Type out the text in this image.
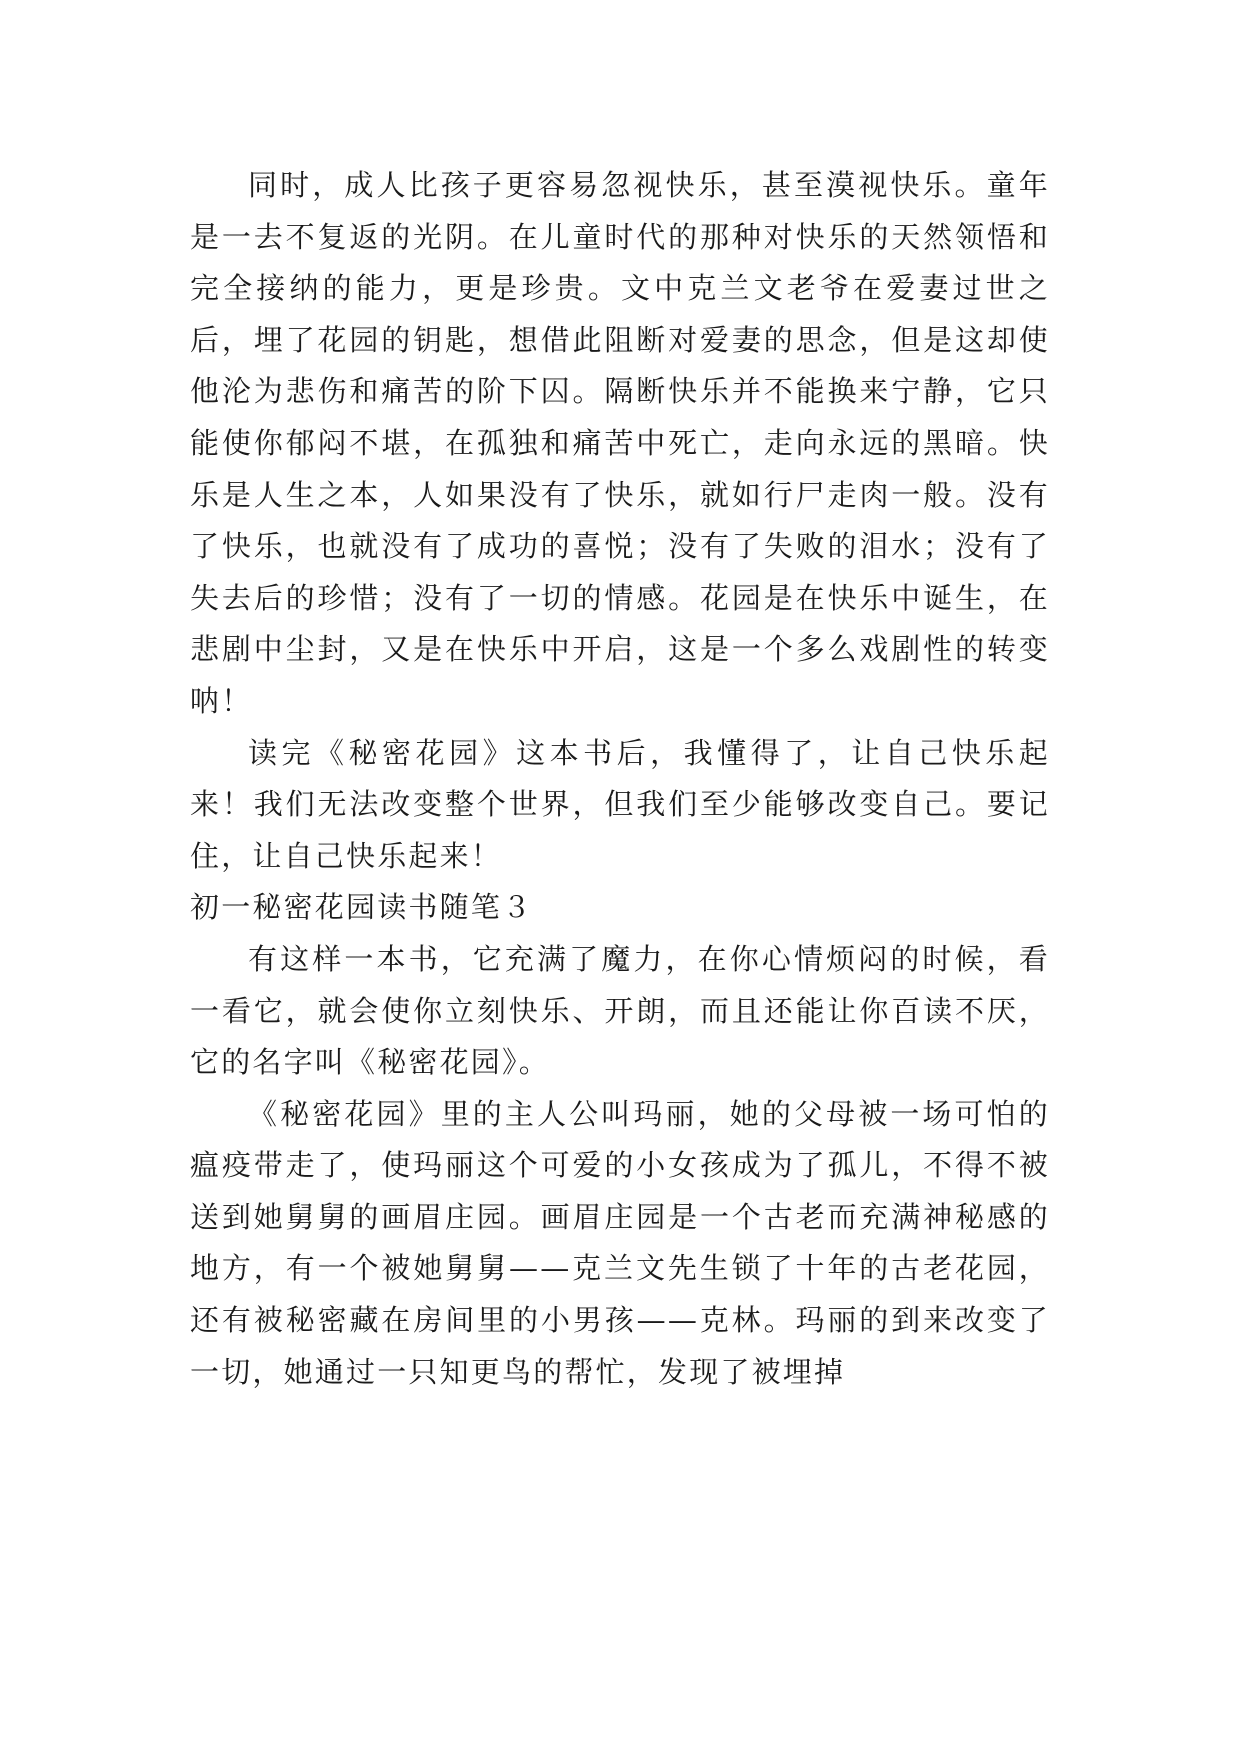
同时，成人比孩子更容易忽视快乐，甚至漠视快乐。童年是一去不复返的光阴。在儿童时代的那种对快乐的天然领悟和完全接纳的能力，更是珍贵。文中克兰文老爷在爱妻过世之后，埋了花园的钥匙，想借此阻断对爱妻的思念，但是这却使他沦为悲伤和痛苦的阶下囚。隔断快乐并不能换来宁静，它只能使你郁闷不堪，在孤独和痛苦中死亡，走向永远的黑暗。快乐是人生之本，人如果没有了快乐，就如行尸走肉一般。没有了快乐，也就没有了成功的喜悦；没有了失败的泪水；没有了失去后的珍惜；没有了一切的情感。花园是在快乐中诞生，在悲剧中尘封，又是在快乐中开启，这是一个多么戏剧性的转变呐！

读完《秘密花园》这本书后，我懂得了，让自己快乐起来！我们无法改变整个世界，但我们至少能够改变自己。要记住，让自己快乐起来！

初一秘密花园读书随笔３

有这样一本书，它充满了魔力，在你心情烦闷的时候，看一看它，就会使你立刻快乐、开朗，而且还能让你百读不厌，它的名字叫《秘密花园》。

《秘密花园》里的主人公叫玛丽，她的父母被一场可怕的瘟疫带走了，使玛丽这个可爱的小女孩成为了孤儿，不得不被送到她舅舅的画眉庄园。画眉庄园是一个古老而充满神秘感的地方，有一个被她舅舅——克兰文先生锁了十年的古老花园，还有被秘密藏在房间里的小男孩——克林。玛丽的到来改变了一切，她通过一只知更鸟的帮忙，发现了被埋掉
